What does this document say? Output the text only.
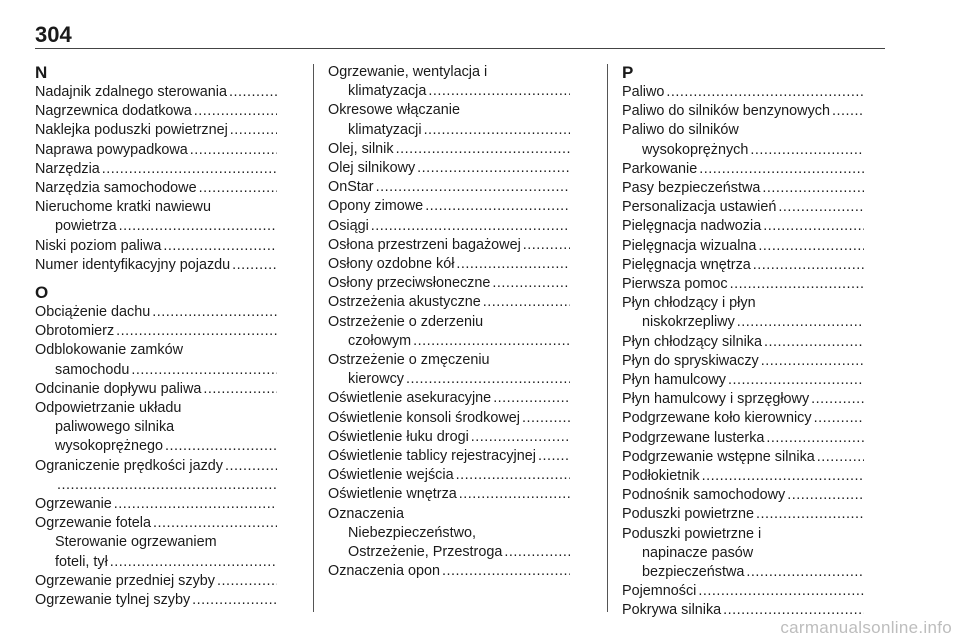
304
N
Nadajnik zdalnego sterowania.....
Nagrzewnica dodatkowa.....
Naklejka poduszki powietrznej.....
Naprawa powypadkowa.....
Narzędzia.....
Narzędzia samochodowe.....
Nieruchome kratki nawiewu
powietrza.....
Niski poziom paliwa.....
Numer identyfikacyjny pojazdu.....
O
Obciążenie dachu.....
Obrotomierz.....
Odblokowanie zamków
samochodu.....
Odcinanie dopływu paliwa.....
Odpowietrzanie układu
paliwowego silnika
wysokoprężnego.....
Ograniczenie prędkości jazdy.....
.....
Ogrzewanie.....
Ogrzewanie fotela.....
Sterowanie ogrzewaniem
foteli, tył.....
Ogrzewanie przedniej szyby.....
Ogrzewanie tylnej szyby.....
Ogrzewanie, wentylacja i
klimatyzacja.....
Okresowe włączanie
klimatyzacji.....
Olej, silnik.....
Olej silnikowy.....
OnStar.....
Opony zimowe.....
Osiągi.....
Osłona przestrzeni bagażowej.....
Osłony ozdobne kół.....
Osłony przeciwsłoneczne.....
Ostrzeżenia akustyczne.....
Ostrzeżenie o zderzeniu
czołowym.....
Ostrzeżenie o zmęczeniu
kierowcy.....
Oświetlenie asekuracyjne.....
Oświetlenie konsoli środkowej.....
Oświetlenie łuku drogi.....
Oświetlenie tablicy rejestracyjnej.....
Oświetlenie wejścia.....
Oświetlenie wnętrza.....
Oznaczenia
Niebezpieczeństwo,
Ostrzeżenie, Przestroga.....
Oznaczenia opon.....
P
Paliwo.....
Paliwo do silników benzynowych.....
Paliwo do silników
wysokoprężnych.....
Parkowanie.....
Pasy bezpieczeństwa.....
Personalizacja ustawień.....
Pielęgnacja nadwozia.....
Pielęgnacja wizualna.....
Pielęgnacja wnętrza.....
Pierwsza pomoc.....
Płyn chłodzący i płyn
niskokrzepliwy.....
Płyn chłodzący silnika.....
Płyn do spryskiwaczy.....
Płyn hamulcowy.....
Płyn hamulcowy i sprzęgłowy.....
Podgrzewane koło kierownicy.....
Podgrzewane lusterka.....
Podgrzewanie wstępne silnika.....
Podłokietnik.....
Podnośnik samochodowy.....
Poduszki powietrzne.....
Poduszki powietrzne i
napinacze pasów
bezpieczeństwa.....
Pojemności.....
Pokrywa silnika.....
carmanualsonline.info
